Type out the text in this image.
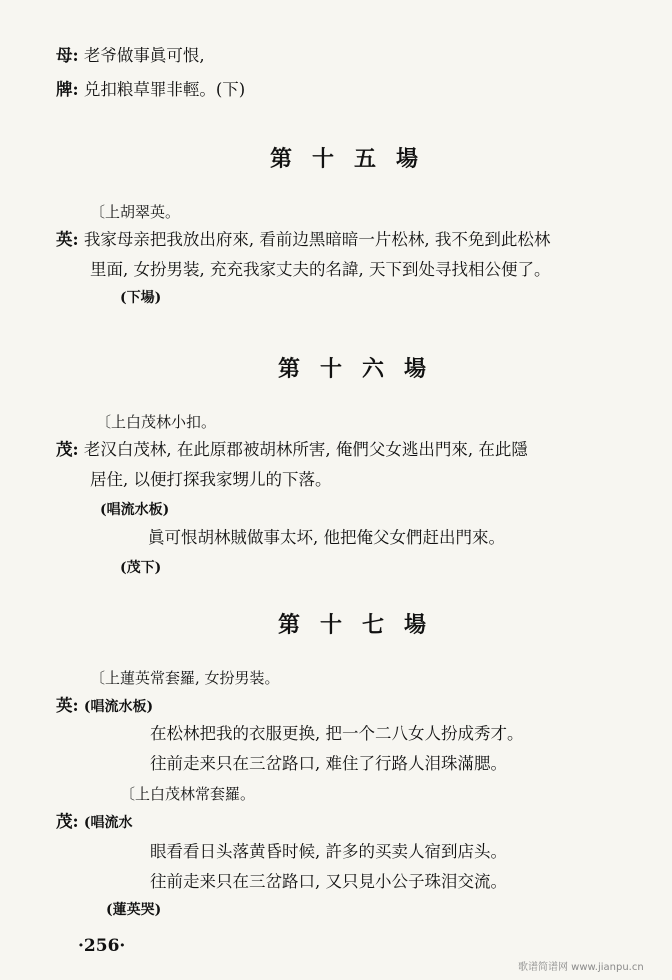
母: 老爷做事眞可恨,
牌: 兑扣粮草罪非輕。(下)
第十五場
〔上胡翠英。
英: 我家母亲把我放出府來, 看前边黑暗暗一片松林, 我不免到此松林
里面, 女扮男装, 充充我家丈夫的名諱, 天下到处寻找相公便了。
(下場)
第十六場
〔上白茂林小扣。
茂: 老汉白茂林, 在此原郡被胡林所害, 俺們父女逃出門來, 在此隱
居住, 以便打探我家甥儿的下落。
(唱流水板)
眞可恨胡林賊做事太坏, 他把俺父女們赶出門來。
(茂下)
第十七場
〔上蓮英常套羅, 女扮男装。
英: (唱流水板)
在松林把我的衣服更换, 把一个二八女人扮成秀才。
往前走来只在三岔路口, 难住了行路人泪珠滿腮。
〔上白茂林常套羅。
茂: (唱流水
眼看看日头落黄昏时候, 許多的买卖人宿到店头。
往前走来只在三岔路口, 又只見小公子珠泪交流。
(蓮英哭)
·256·
歌谱简谱网 www.jianpu.cn
